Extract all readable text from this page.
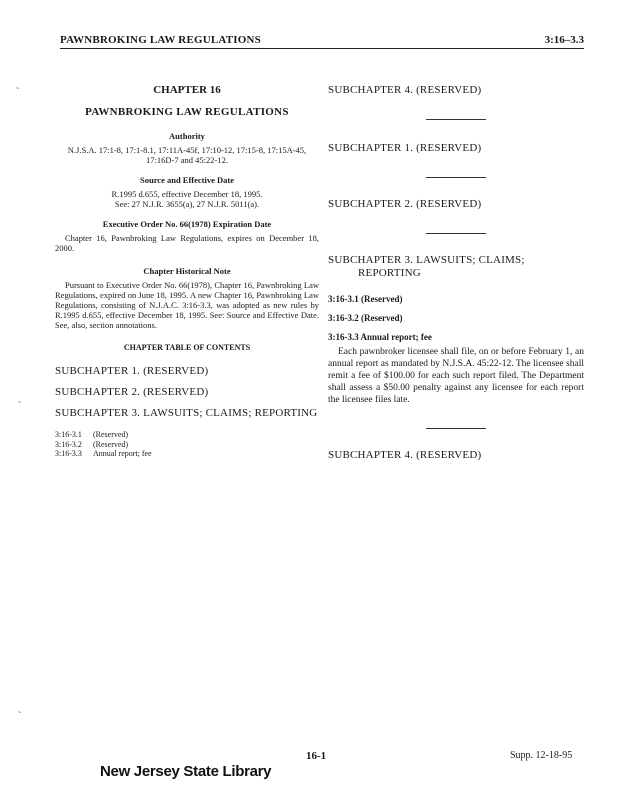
PAWNBROKING LAW REGULATIONS	3:16–3.3
˜
˜
˜

CHAPTER 16

PAWNBROKING LAW REGULATIONS

Authority

N.J.S.A. 17:1-8, 17:1-8.1, 17:11A-45f, 17:10-12, 17:15-8, 17:15A-45, 17:16D-7 and 45:22-12.

Source and Effective Date

R.1995 d.655, effective December 18, 1995.
See: 27 N.J.R. 3655(a), 27 N.J.R. 5011(a).

Executive Order No. 66(1978) Expiration Date

Chapter 16, Pawnbroking Law Regulations, expires on December 18, 2000.

Chapter Historical Note

Pursuant to Executive Order No. 66(1978), Chapter 16, Pawnbroking Law Regulations, expired on June 18, 1995. A new Chapter 16, Pawnbroking Law Regulations, consisting of N.J.A.C. 3:16-3.3, was adopted as new rules by R.1995 d.655, effective December 18, 1995. See: Source and Effective Date. See, also, section annotations.

CHAPTER TABLE OF CONTENTS

SUBCHAPTER 1. (RESERVED)

SUBCHAPTER 2. (RESERVED)

SUBCHAPTER 3. LAWSUITS; CLAIMS; REPORTING

3:16-3.1	(Reserved)
3:16-3.2	(Reserved)
3:16-3.3	Annual report; fee

SUBCHAPTER 4. (RESERVED)

SUBCHAPTER 1. (RESERVED)

SUBCHAPTER 2. (RESERVED)

SUBCHAPTER 3. LAWSUITS; CLAIMS; REPORTING

3:16-3.1 (Reserved)

3:16-3.2 (Reserved)

3:16-3.3 Annual report; fee

Each pawnbroker licensee shall file, on or before February 1, an annual report as mandated by N.J.S.A. 45:22-12. The licensee shall remit a fee of $100.00 for each such report filed. The Department shall assess a $50.00 penalty against any licensee for each report the licensee files late.

SUBCHAPTER 4. (RESERVED)

16-1	Supp. 12-18-95
New Jersey State Library
